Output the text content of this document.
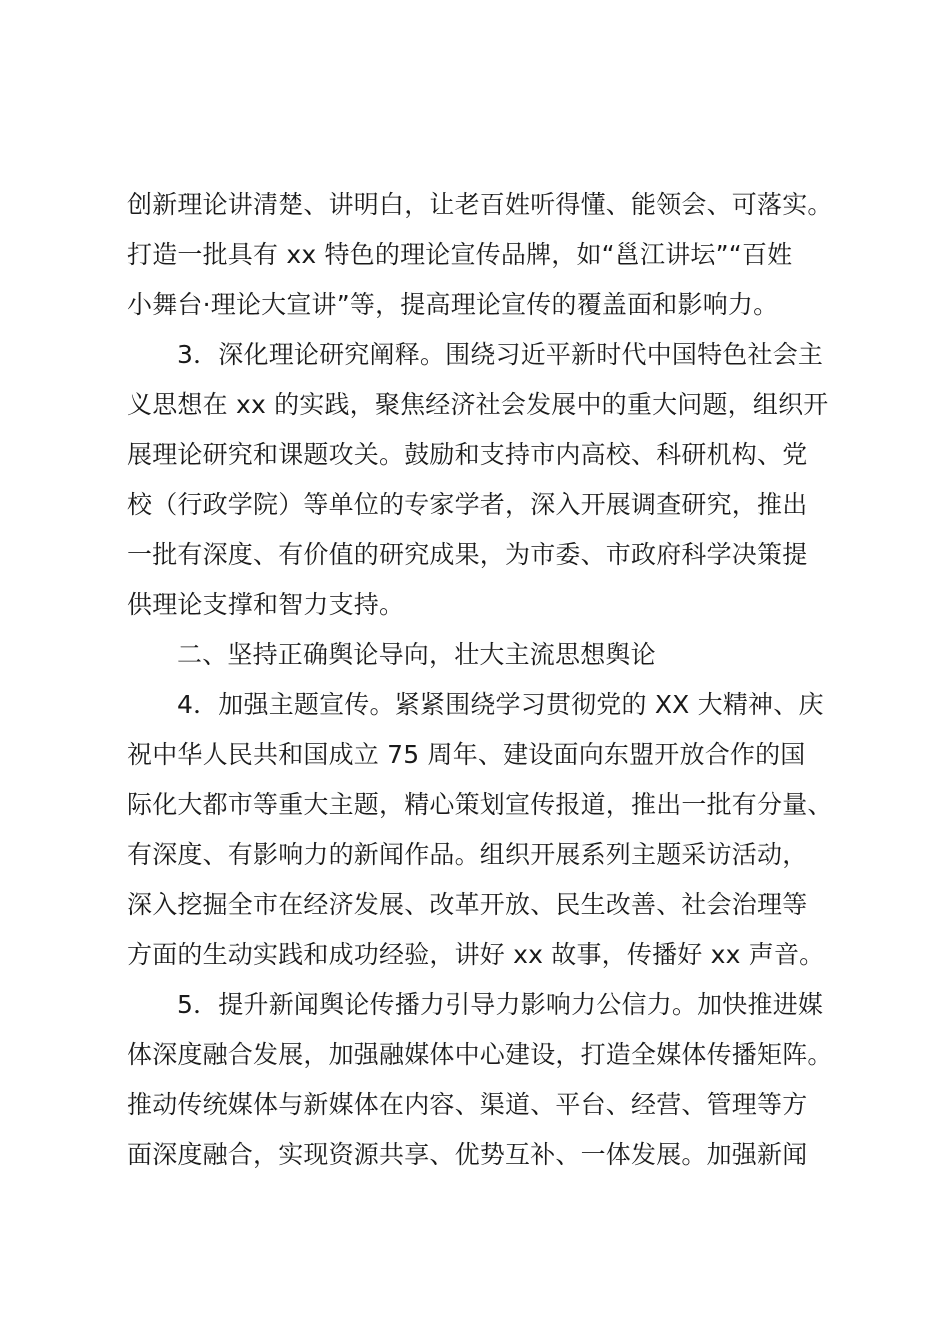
创新理论讲清楚、讲明白，让老百姓听得懂、能领会、可落实。

打造一批具有 xx 特色的理论宣传品牌，如“邕江讲坛”“百姓

小舞台·理论大宣讲”等，提高理论宣传的覆盖面和影响力。

3．深化理论研究阐释。围绕习近平新时代中国特色社会主

义思想在 xx 的实践，聚焦经济社会发展中的重大问题，组织开

展理论研究和课题攻关。鼓励和支持市内高校、科研机构、党

校（行政学院）等单位的专家学者，深入开展调查研究，推出

一批有深度、有价值的研究成果，为市委、市政府科学决策提

供理论支撑和智力支持。

二、坚持正确舆论导向，壮大主流思想舆论

4．加强主题宣传。紧紧围绕学习贯彻党的 XX 大精神、庆

祝中华人民共和国成立 75 周年、建设面向东盟开放合作的国

际化大都市等重大主题，精心策划宣传报道，推出一批有分量、

有深度、有影响力的新闻作品。组织开展系列主题采访活动，

深入挖掘全市在经济发展、改革开放、民生改善、社会治理等

方面的生动实践和成功经验，讲好 xx 故事，传播好 xx 声音。

5．提升新闻舆论传播力引导力影响力公信力。加快推进媒

体深度融合发展，加强融媒体中心建设，打造全媒体传播矩阵。

推动传统媒体与新媒体在内容、渠道、平台、经营、管理等方

面深度融合，实现资源共享、优势互补、一体发展。加强新闻
